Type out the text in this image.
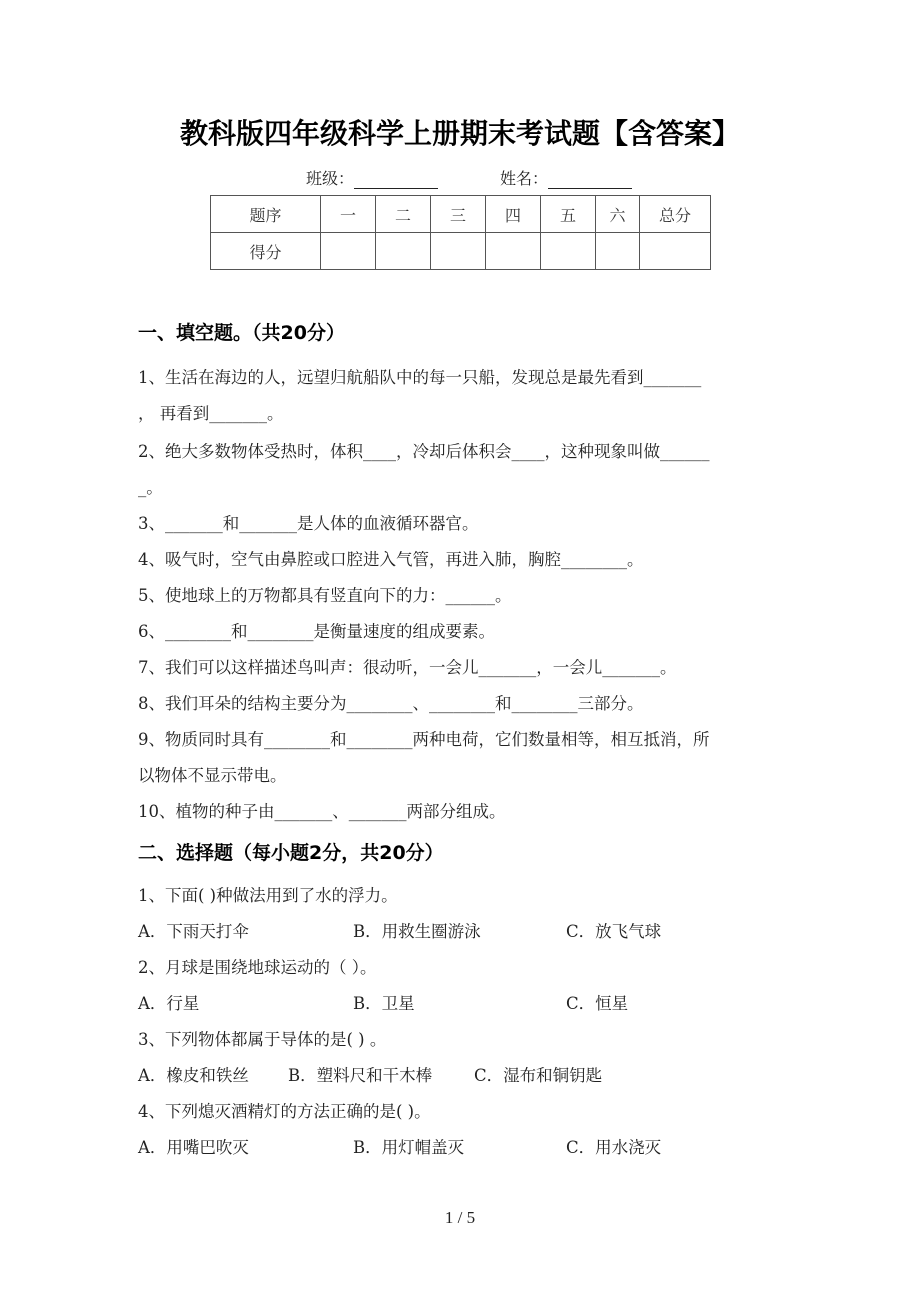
教科版四年级科学上册期末考试题【含答案】
班级：	姓名：
题序	一	二	三	四	五	六	总分
得分							
一、填空题。（共20分）
1、生活在海边的人，远望归航船队中的每一只船，发现总是最先看到_______
， 再看到_______。
2、绝大多数物体受热时，体积____，冷却后体积会____，这种现象叫做______
_。
3、_______和_______是人体的血液循环器官。
4、吸气时，空气由鼻腔或口腔进入气管，再进入肺，胸腔________。
5、使地球上的万物都具有竖直向下的力：______。
6、________和________是衡量速度的组成要素。
7、我们可以这样描述鸟叫声：很动听，一会儿_______，一会儿_______。
8、我们耳朵的结构主要分为________、________和________三部分。
9、物质同时具有________和________两种电荷，它们数量相等，相互抵消，所
以物体不显示带电。
10、植物的种子由_______、_______两部分组成。
二、选择题（每小题2分，共20分）
1、下面( )种做法用到了水的浮力。
A．下雨天打伞	B．用救生圈游泳	C．放飞气球
2、月球是围绕地球运动的（ ）。
A．行星	B．卫星	C．恒星
3、下列物体都属于导体的是( ) 。
A．橡皮和铁丝 B．塑料尺和干木棒	C．湿布和铜钥匙
4、下列熄灭酒精灯的方法正确的是( )。
A．用嘴巴吹灭	B．用灯帽盖灭	C．用水浇灭
1 / 5
